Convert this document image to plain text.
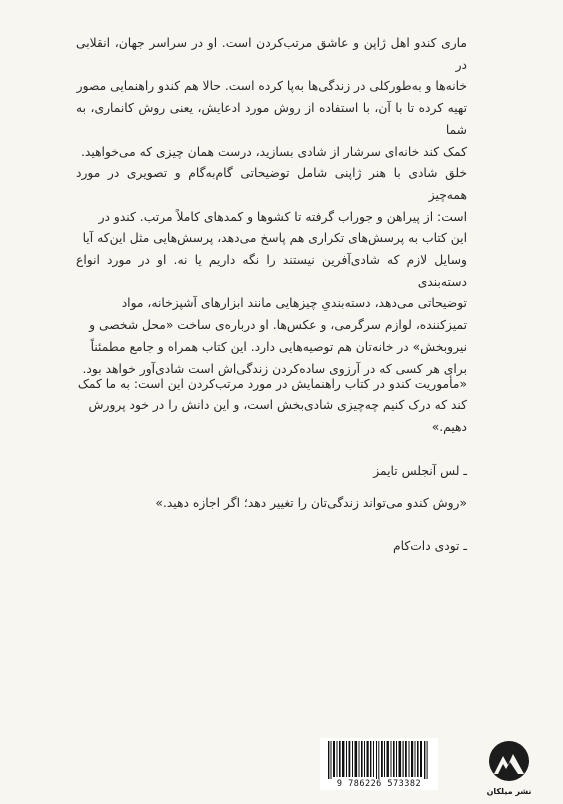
ماری کندو اهل ژاپن و عاشق مرتب‌کردن است. او در سراسر جهان، انقلابی در
خانه‌ها و به‌طورکلی در زندگی‌ها به‌پا کرده است. حالا هم کندو راهنمایی مصور
تهیه کرده تا با آن، با استفاده از روش مورد ادعایش، یعنی روش کانماری، به شما
کمک کند خانه‌ای سرشار از شادی بسازید، درست همان چیزی که می‌خواهید.
خلق شادی با هنر ژاپنی شامل توضیحاتی گام‌به‌گام و تصویری در مورد همه‌چیز
است: از پیراهن و جوراب گرفته تا کشوها و کمدهای کاملاً مرتب. کندو در
این کتاب به پرسش‌های تکراری هم پاسخ می‌دهد، پرسش‌هایی مثل این‌که آیا
وسایل لازم که شادی‌آفرین نیستند را نگه داریم یا نه. او در مورد انواع دسته‌بندی
توضیحاتی می‌دهد، دسته‌بندیِ چیزهایی مانند ابزارهای آشپزخانه، مواد
تمیزکننده، لوازم سرگرمی، و عکس‌ها. او درباره‌ی ساخت «محل شخصی و
نیروبخش» در خانه‌تان هم توصیه‌هایی دارد. این کتاب همراه و جامع مطمئناً
برای هر کسی که در آرزوی ساده‌کردن زندگی‌اش است شادی‌آور خواهد بود.

«مأموریت کندو در کتاب راهنمایش در مورد مرتب‌کردن این است: به ما کمک
کند که درک کنیم چه‌چیزی شادی‌بخش است، و این دانش را در خود پرورش
دهیم.»

ـ لس آنجلس تایمز

«روش کندو می‌تواند زندگی‌تان را تغییر دهد؛ اگر اجازه دهید.»

ـ تودی دات‌کام

9 786226 573382
نشر میلکان
